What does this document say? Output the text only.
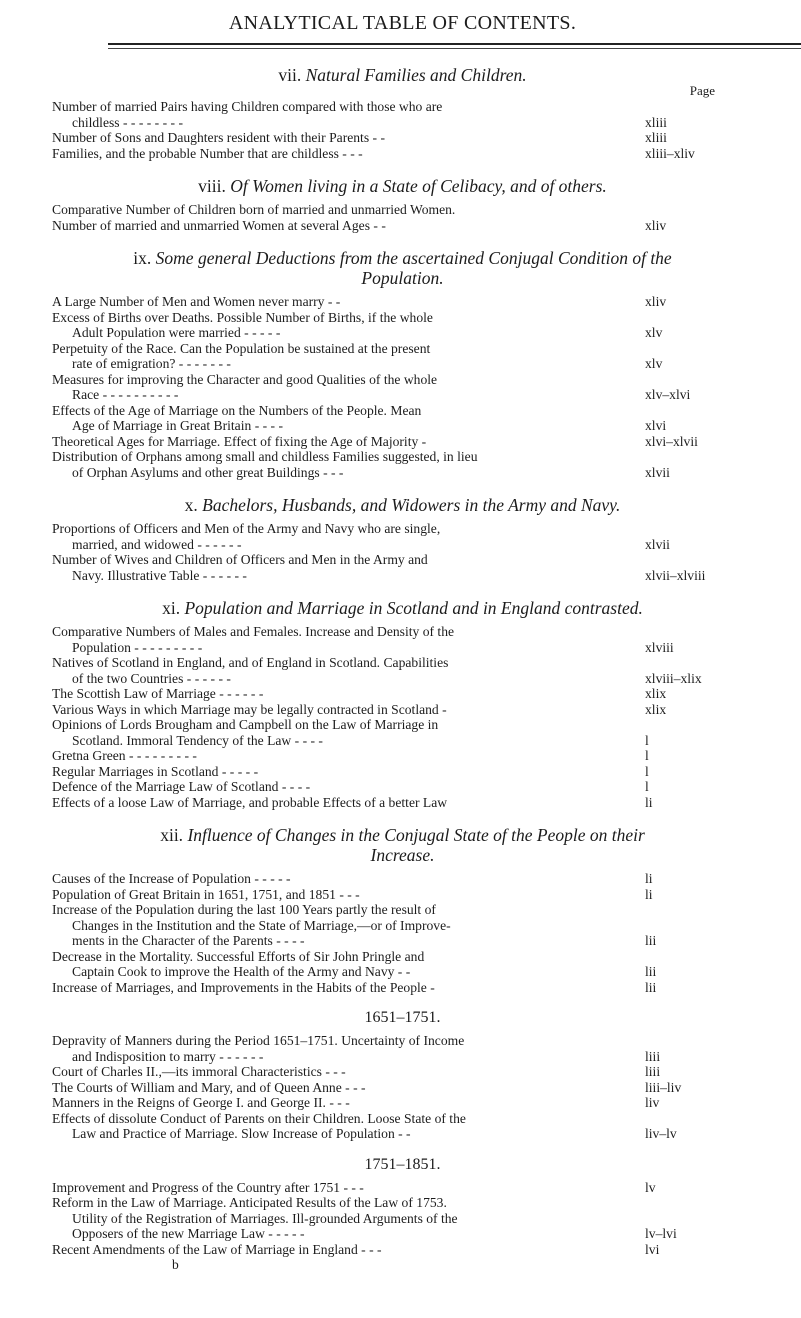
ANALYTICAL TABLE OF CONTENTS.
vii. Natural Families and Children.
Page
Number of married Pairs having Children compared with those who are
childless - - - - - - - -	xliii
Number of Sons and Daughters resident with their Parents - -	xliii
Families, and the probable Number that are childless - - -	xliii–xliv
viii. Of Women living in a State of Celibacy, and of others.
Comparative Number of Children born of married and unmarried Women.
Number of married and unmarried Women at several Ages - -	xliv
ix. Some general Deductions from the ascertained Conjugal Condition of the
Population.
A Large Number of Men and Women never marry - -	xliv
Excess of Births over Deaths. Possible Number of Births, if the whole
Adult Population were married - - - - -	xlv
Perpetuity of the Race. Can the Population be sustained at the present
rate of emigration? - - - - - - -	xlv
Measures for improving the Character and good Qualities of the whole
Race - - - - - - - - - -	xlv–xlvi
Effects of the Age of Marriage on the Numbers of the People. Mean
Age of Marriage in Great Britain - - - -	xlvi
Theoretical Ages for Marriage. Effect of fixing the Age of Majority -	xlvi–xlvii
Distribution of Orphans among small and childless Families suggested, in lieu
of Orphan Asylums and other great Buildings - - -	xlvii
x. Bachelors, Husbands, and Widowers in the Army and Navy.
Proportions of Officers and Men of the Army and Navy who are single,
married, and widowed - - - - - -	xlvii
Number of Wives and Children of Officers and Men in the Army and
Navy. Illustrative Table - - - - - -	xlvii–xlviii
xi. Population and Marriage in Scotland and in England contrasted.
Comparative Numbers of Males and Females. Increase and Density of the
Population - - - - - - - - -	xlviii
Natives of Scotland in England, and of England in Scotland. Capabilities
of the two Countries - - - - - -	xlviii–xlix
The Scottish Law of Marriage - - - - - -	xlix
Various Ways in which Marriage may be legally contracted in Scotland -	xlix
Opinions of Lords Brougham and Campbell on the Law of Marriage in
Scotland. Immoral Tendency of the Law - - - -	l
Gretna Green - - - - - - - - -	l
Regular Marriages in Scotland - - - - -	l
Defence of the Marriage Law of Scotland - - - -	l
Effects of a loose Law of Marriage, and probable Effects of a better Law	li
xii. Influence of Changes in the Conjugal State of the People on their
Increase.
Causes of the Increase of Population - - - - -	li
Population of Great Britain in 1651, 1751, and 1851 - - -	li
Increase of the Population during the last 100 Years partly the result of
Changes in the Institution and the State of Marriage,—or of Improve-
ments in the Character of the Parents - - - -	lii
Decrease in the Mortality. Successful Efforts of Sir John Pringle and
Captain Cook to improve the Health of the Army and Navy - -	lii
Increase of Marriages, and Improvements in the Habits of the People -	lii
1651–1751.
Depravity of Manners during the Period 1651–1751. Uncertainty of Income
and Indisposition to marry - - - - - -	liii
Court of Charles II.,—its immoral Characteristics - - -	liii
The Courts of William and Mary, and of Queen Anne - - -	liii–liv
Manners in the Reigns of George I. and George II. - - -	liv
Effects of dissolute Conduct of Parents on their Children. Loose State of the
Law and Practice of Marriage. Slow Increase of Population - -	liv–lv
1751–1851.
Improvement and Progress of the Country after 1751 - - -	lv
Reform in the Law of Marriage. Anticipated Results of the Law of 1753.
Utility of the Registration of Marriages. Ill-grounded Arguments of the
Opposers of the new Marriage Law - - - - -	lv–lvi
Recent Amendments of the Law of Marriage in England - - -	lvi
b
